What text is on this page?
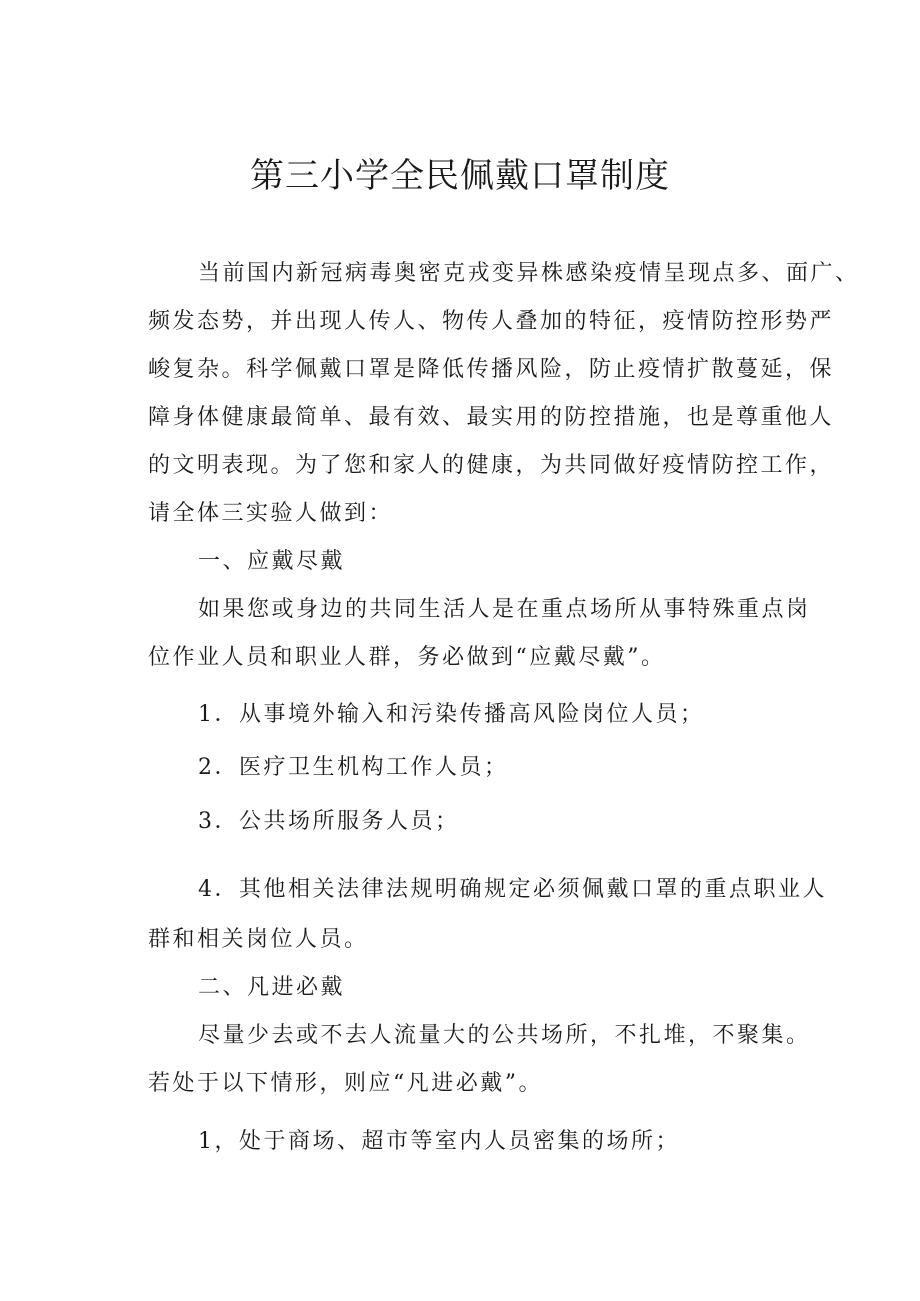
第三小学全民佩戴口罩制度
当前国内新冠病毒奥密克戎变异株感染疫情呈现点多、面广、
频发态势，并出现人传人、物传人叠加的特征，疫情防控形势严
峻复杂。科学佩戴口罩是降低传播风险，防止疫情扩散蔓延，保
障身体健康最简单、最有效、最实用的防控措施，也是尊重他人
的文明表现。为了您和家人的健康，为共同做好疫情防控工作，
请全体三实验人做到：
一、应戴尽戴
如果您或身边的共同生活人是在重点场所从事特殊重点岗
位作业人员和职业人群，务必做到“应戴尽戴”。
1．从事境外输入和污染传播高风险岗位人员；
2．医疗卫生机构工作人员；
3．公共场所服务人员；
4．其他相关法律法规明确规定必须佩戴口罩的重点职业人
群和相关岗位人员。
二、凡进必戴
尽量少去或不去人流量大的公共场所，不扎堆，不聚集。
若处于以下情形，则应“凡进必戴”。
1，处于商场、超市等室内人员密集的场所；
